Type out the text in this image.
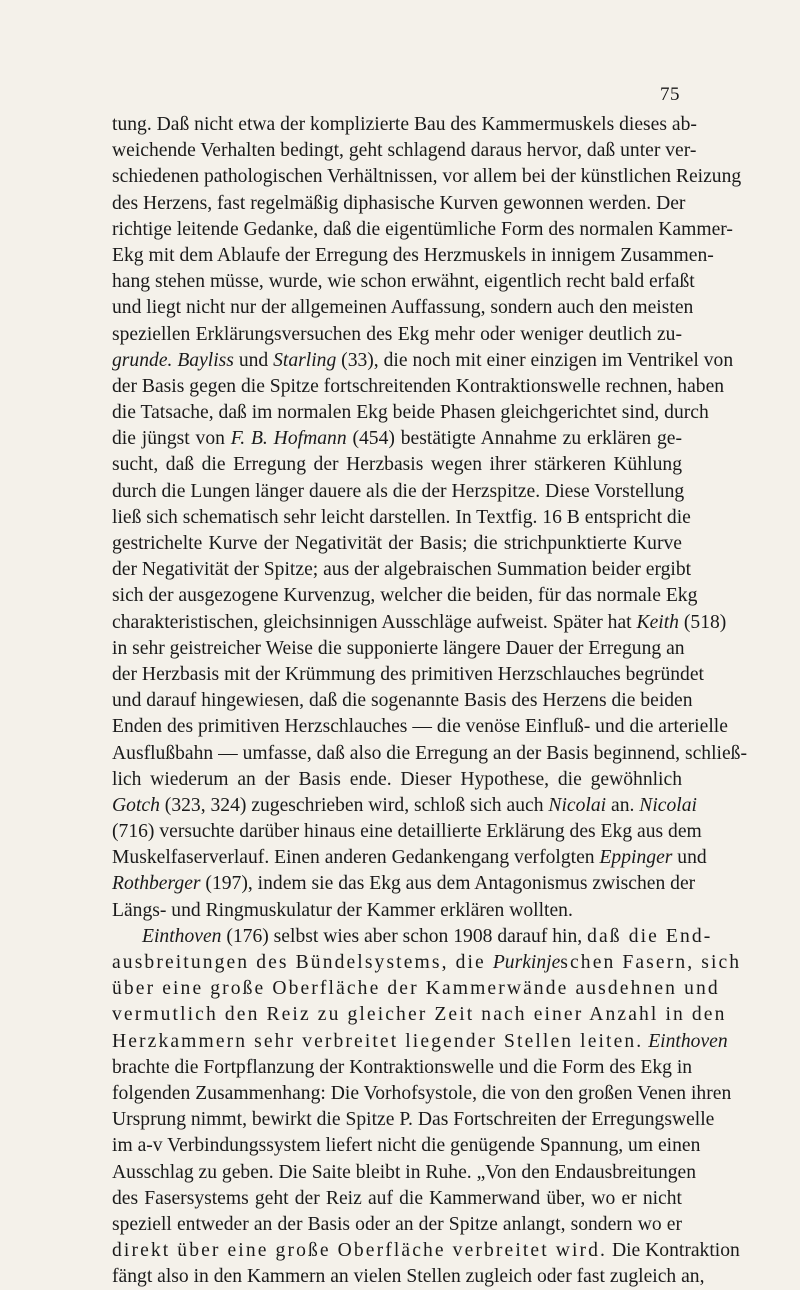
75
tung. Daß nicht etwa der komplizierte Bau des Kammermuskels dieses ab-
weichende Verhalten bedingt, geht schlagend daraus hervor, daß unter ver-
schiedenen pathologischen Verhältnissen, vor allem bei der künstlichen Reizung
des Herzens, fast regelmäßig diphasische Kurven gewonnen werden. Der
richtige leitende Gedanke, daß die eigentümliche Form des normalen Kammer-
Ekg mit dem Ablaufe der Erregung des Herzmuskels in innigem Zusammen-
hang stehen müsse, wurde, wie schon erwähnt, eigentlich recht bald erfaßt
und liegt nicht nur der allgemeinen Auffassung, sondern auch den meisten
speziellen Erklärungsversuchen des Ekg mehr oder weniger deutlich zu-
grunde. Bayliss und Starling (33), die noch mit einer einzigen im Ventrikel von
der Basis gegen die Spitze fortschreitenden Kontraktionswelle rechnen, haben
die Tatsache, daß im normalen Ekg beide Phasen gleichgerichtet sind, durch
die jüngst von F. B. Hofmann (454) bestätigte Annahme zu erklären ge-
sucht, daß die Erregung der Herzbasis wegen ihrer stärkeren Kühlung
durch die Lungen länger dauere als die der Herzspitze. Diese Vorstellung
ließ sich schematisch sehr leicht darstellen. In Textfig. 16 B entspricht die
gestrichelte Kurve der Negativität der Basis; die strichpunktierte Kurve
der Negativität der Spitze; aus der algebraischen Summation beider ergibt
sich der ausgezogene Kurvenzug, welcher die beiden, für das normale Ekg
charakteristischen, gleichsinnigen Ausschläge aufweist. Später hat Keith (518)
in sehr geistreicher Weise die supponierte längere Dauer der Erregung an
der Herzbasis mit der Krümmung des primitiven Herzschlauches begründet
und darauf hingewiesen, daß die sogenannte Basis des Herzens die beiden
Enden des primitiven Herzschlauches — die venöse Einfluß- und die arterielle
Ausflußbahn — umfasse, daß also die Erregung an der Basis beginnend, schließ-
lich wiederum an der Basis ende. Dieser Hypothese, die gewöhnlich
Gotch (323, 324) zugeschrieben wird, schloß sich auch Nicolai an. Nicolai
(716) versuchte darüber hinaus eine detaillierte Erklärung des Ekg aus dem
Muskelfaserverlauf. Einen anderen Gedankengang verfolgten Eppinger und
Rothberger (197), indem sie das Ekg aus dem Antagonismus zwischen der
Längs- und Ringmuskulatur der Kammer erklären wollten.
Einthoven (176) selbst wies aber schon 1908 darauf hin, daß die End-
ausbreitungen des Bündelsystems, die Purkinjeschen Fasern, sich
über eine große Oberfläche der Kammerwände ausdehnen und
vermutlich den Reiz zu gleicher Zeit nach einer Anzahl in den
Herzkammern sehr verbreitet liegender Stellen leiten. Einthoven
brachte die Fortpflanzung der Kontraktionswelle und die Form des Ekg in
folgenden Zusammenhang: Die Vorhofsystole, die von den großen Venen ihren
Ursprung nimmt, bewirkt die Spitze P. Das Fortschreiten der Erregungswelle
im a-v Verbindungssystem liefert nicht die genügende Spannung, um einen
Ausschlag zu geben. Die Saite bleibt in Ruhe. „Von den Endausbreitungen
des Fasersystems geht der Reiz auf die Kammerwand über, wo er nicht
speziell entweder an der Basis oder an der Spitze anlangt, sondern wo er
direkt über eine große Oberfläche verbreitet wird. Die Kontraktion
fängt also in den Kammern an vielen Stellen zugleich oder fast zugleich an,
